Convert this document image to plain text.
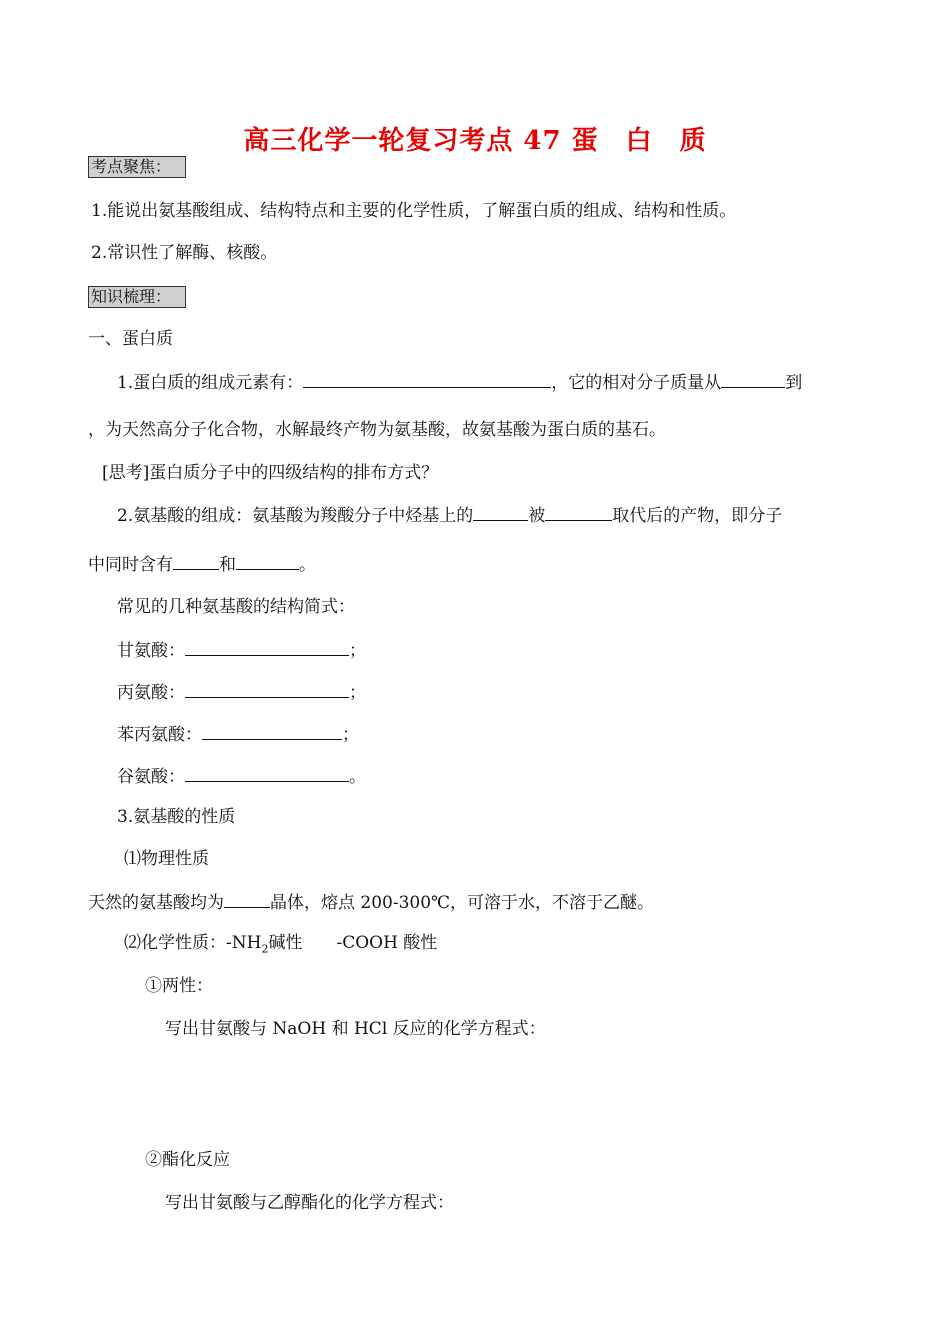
高三化学一轮复习考点 47 蛋　白　质
考点聚焦：
1.能说出氨基酸组成、结构特点和主要的化学性质，了解蛋白质的组成、结构和性质。
2.常识性了解酶、核酸。
知识梳理：
一、蛋白质
1.蛋白质的组成元素有：	，它的相对分子质量从	到
，为天然高分子化合物，水解最终产物为氨基酸，故氨基酸为蛋白质的基石。
[思考]蛋白质分子中的四级结构的排布方式？
2.氨基酸的组成：氨基酸为羧酸分子中烃基上的	被	取代后的产物，即分子
中同时含有	和	。
常见的几种氨基酸的结构简式：
甘氨酸：	；
丙氨酸：	；
苯丙氨酸：	；
谷氨酸：	。
3.氨基酸的性质
⑴物理性质
天然的氨基酸均为	晶体，熔点 200-300℃，可溶于水，不溶于乙醚。
⑵化学性质：$-NH_2$碱性　　-COOH 酸性
①两性：
写出甘氨酸与 NaOH 和 HCl 反应的化学方程式：
②酯化反应
写出甘氨酸与乙醇酯化的化学方程式：
